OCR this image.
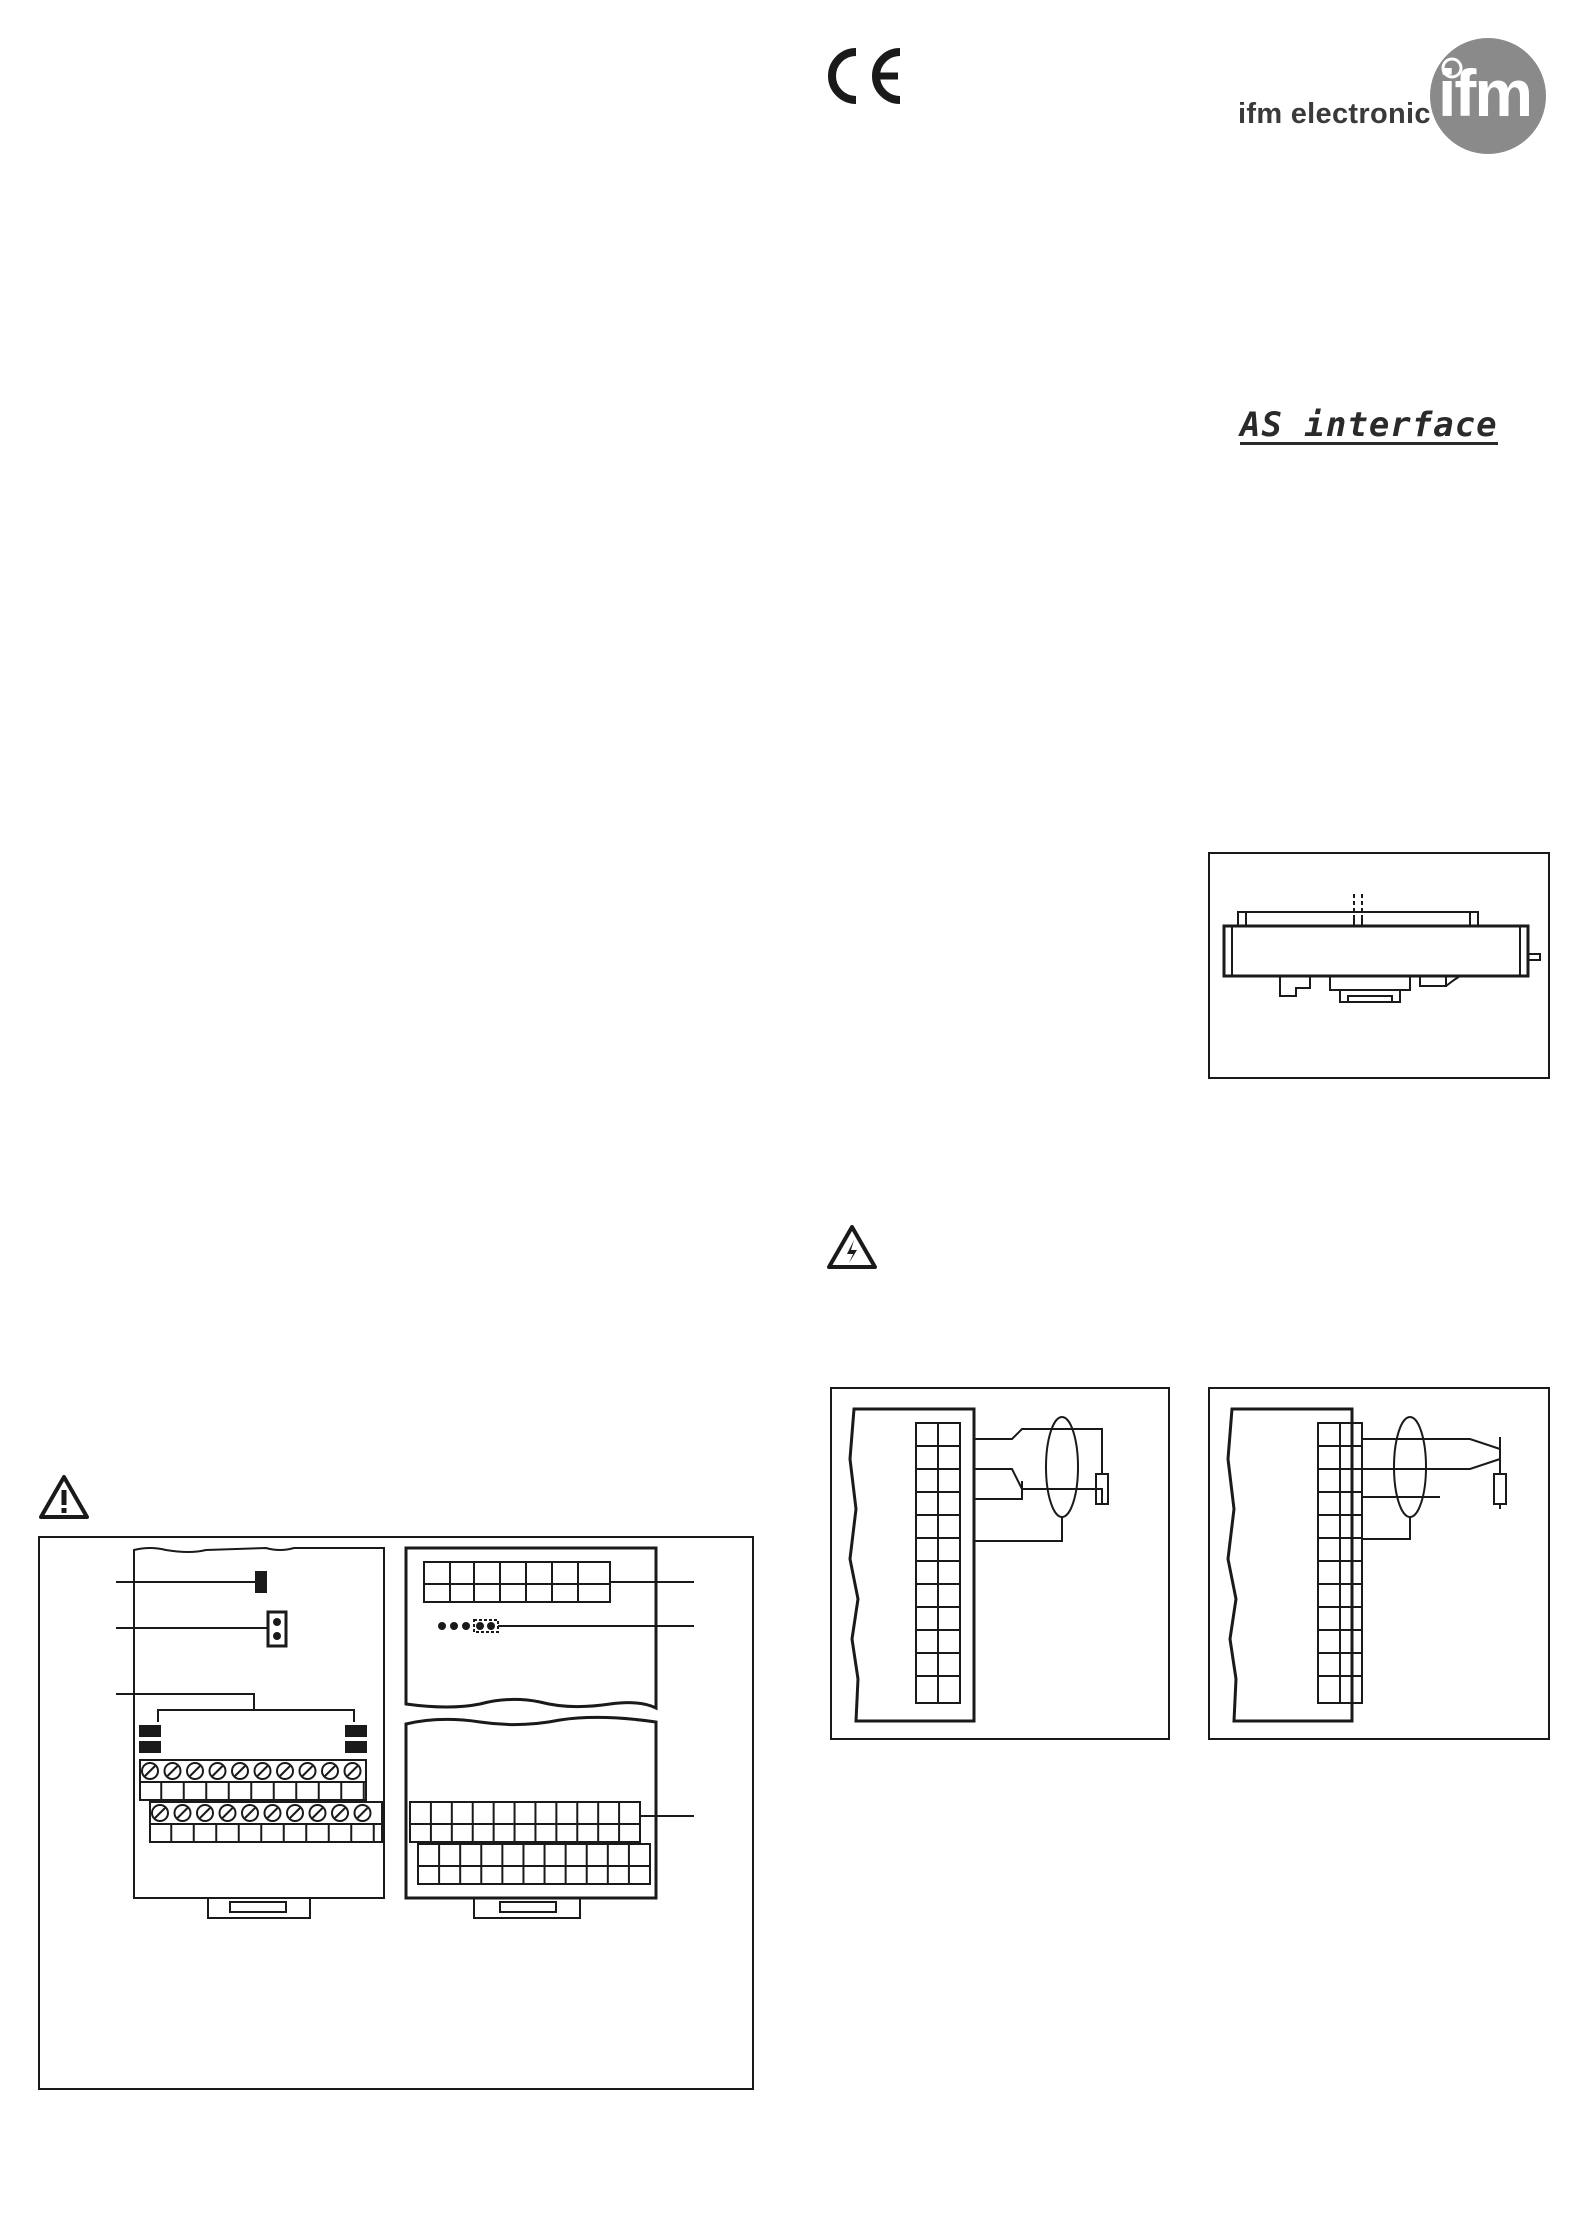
ifm electronic ifm
AS interface
